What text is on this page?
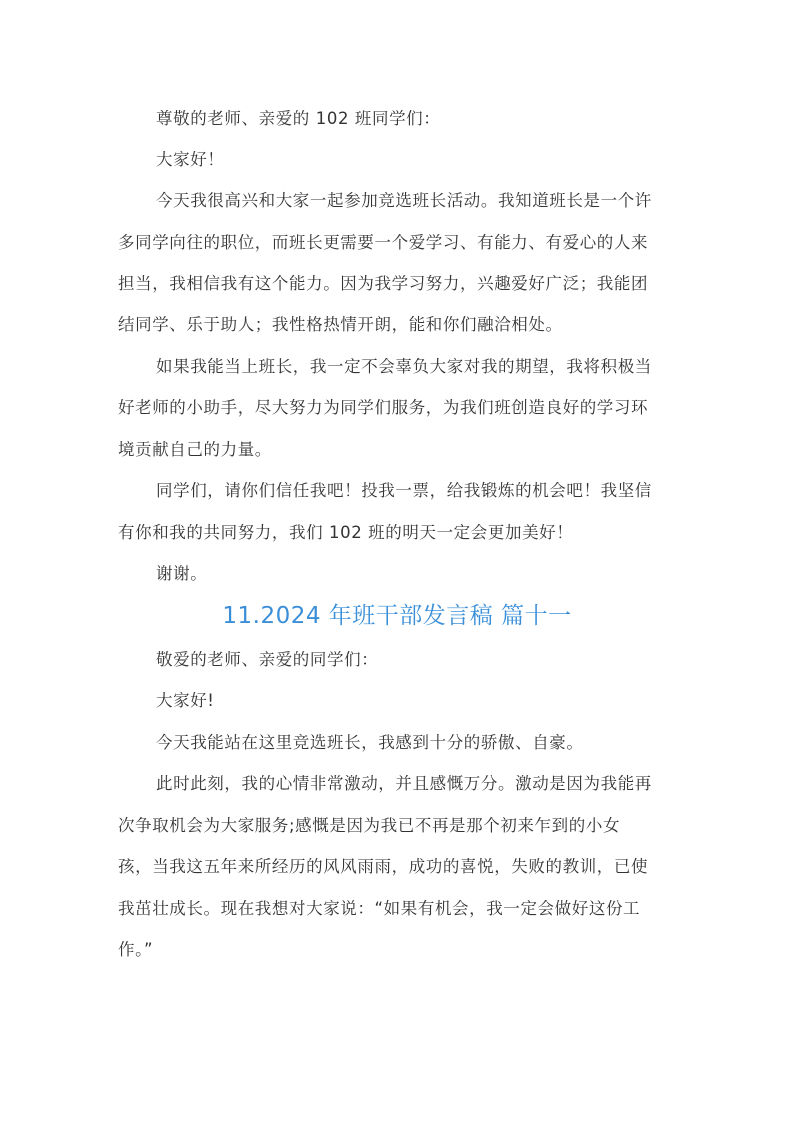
尊敬的老师、亲爱的 102 班同学们：
大家好！
今天我很高兴和大家一起参加竞选班长活动。我知道班长是一个许
多同学向往的职位，而班长更需要一个爱学习、有能力、有爱心的人来
担当，我相信我有这个能力。因为我学习努力，兴趣爱好广泛；我能团
结同学、乐于助人；我性格热情开朗，能和你们融洽相处。
如果我能当上班长，我一定不会辜负大家对我的期望，我将积极当
好老师的小助手，尽大努力为同学们服务，为我们班创造良好的学习环
境贡献自己的力量。
同学们，请你们信任我吧！投我一票，给我锻炼的机会吧！我坚信
有你和我的共同努力，我们 102 班的明天一定会更加美好！
谢谢。
11.2024 年班干部发言稿 篇十一
敬爱的老师、亲爱的同学们：
大家好!
今天我能站在这里竞选班长，我感到十分的骄傲、自豪。
此时此刻，我的心情非常激动，并且感慨万分。激动是因为我能再
次争取机会为大家服务;感慨是因为我已不再是那个初来乍到的小女
孩，当我这五年来所经历的风风雨雨，成功的喜悦，失败的教训，已使
我茁壮成长。现在我想对大家说：“如果有机会，我一定会做好这份工
作。”
